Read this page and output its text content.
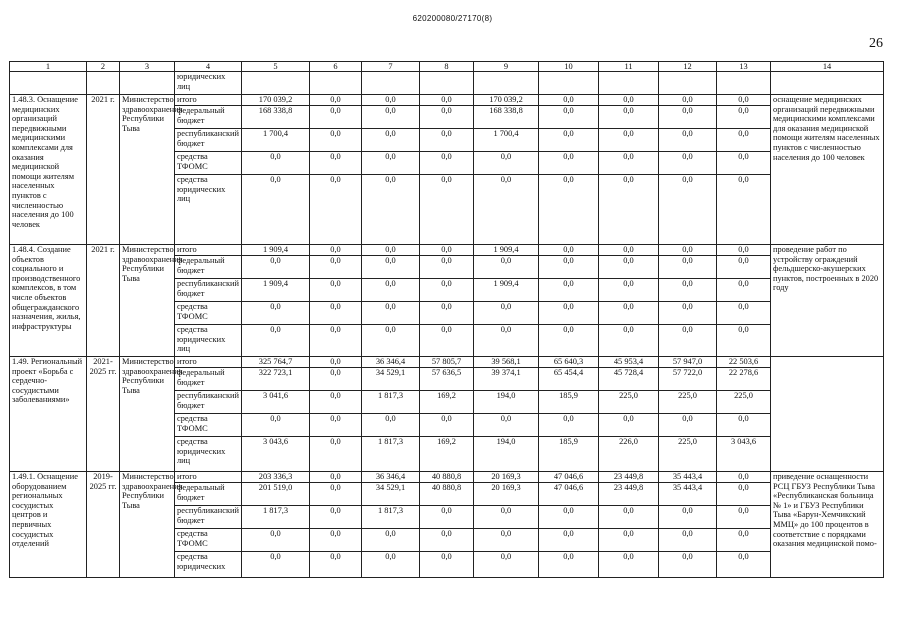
620200080/27170(8)
26
1	2	3	4	5	6	7	8	9	10	11	12	13	14
			юридических лиц										
1.48.3. Оснащение медицинских организаций передвижными медицинскими комплексами для оказания медицинской помощи жителям населенных пунктов с численностью населения до 100 человек	2021 г.	Министерство здравоохранения Республики Тыва	итого	170 039,2	0,0	0,0	0,0	170 039,2	0,0	0,0	0,0	0,0	оснащение медицинских организаций передвижными медицинскими комплексами для оказания медицинской помощи жителям населенных пунктов с численностью населения до 100 человек
			федеральный бюджет	168 338,8	0,0	0,0	0,0	168 338,8	0,0	0,0	0,0	0,0	
			республиканский бюджет	1 700,4	0,0	0,0	0,0	1 700,4	0,0	0,0	0,0	0,0	
			средства ТФОМС	0,0	0,0	0,0	0,0	0,0	0,0	0,0	0,0	0,0	
			средства юридических лиц	0,0	0,0	0,0	0,0	0,0	0,0	0,0	0,0	0,0	
1.48.4. Создание объектов социального и производственного комплексов, в том числе объектов общегражданского назначения, жилья, инфраструктуры	2021 г.	Министерство здравоохранения Республики Тыва	итого	1 909,4	0,0	0,0	0,0	1 909,4	0,0	0,0	0,0	0,0	проведение работ по устройству ограждений фельдшерско-акушерских пунктов, построенных в 2020 году
			федеральный бюджет	0,0	0,0	0,0	0,0	0,0	0,0	0,0	0,0	0,0	
			республиканский бюджет	1 909,4	0,0	0,0	0,0	1 909,4	0,0	0,0	0,0	0,0	
			средства ТФОМС	0,0	0,0	0,0	0,0	0,0	0,0	0,0	0,0	0,0	
			средства юридических лиц	0,0	0,0	0,0	0,0	0,0	0,0	0,0	0,0	0,0	
1.49. Региональный проект «Борьба с сердечно-сосудистыми заболеваниями»	2021-2025 гг.	Министерство здравоохранения Республики Тыва	итого	325 764,7	0,0	36 346,4	57 805,7	39 568,1	65 640,3	45 953,4	57 947,0	22 503,6	
			федеральный бюджет	322 723,1	0,0	34 529,1	57 636,5	39 374,1	65 454,4	45 728,4	57 722,0	22 278,6	
			республиканский бюджет	3 041,6	0,0	1 817,3	169,2	194,0	185,9	225,0	225,0	225,0	
			средства ТФОМС	0,0	0,0	0,0	0,0	0,0	0,0	0,0	0,0	0,0	
			средства юридических лиц	3 043,6	0,0	1 817,3	169,2	194,0	185,9	226,0	225,0	3 043,6	
1.49.1. Оснащение оборудованием региональных сосудистых центров и первичных сосудистых отделений	2019-2025 гг.	Министерство здравоохранения Республики Тыва	итого	203 336,3	0,0	36 346,4	40 880,8	20 169,3	47 046,6	23 449,8	35 443,4	0,0	приведение оснащенности РСЦ ГБУЗ Республики Тыва «Республиканская больница № 1» и ГБУЗ Республики Тыва «Барун-Хемчикский ММЦ» до 100 процентов в соответствие с порядками оказания медицинской помо-
			федеральный бюджет	201 519,0	0,0	34 529,1	40 880,8	20 169,3	47 046,6	23 449,8	35 443,4	0,0	
			республиканский бюджет	1 817,3	0,0	1 817,3	0,0	0,0	0,0	0,0	0,0	0,0	
			средства ТФОМС	0,0	0,0	0,0	0,0	0,0	0,0	0,0	0,0	0,0	
			средства юридических	0,0	0,0	0,0	0,0	0,0	0,0	0,0	0,0	0,0	
